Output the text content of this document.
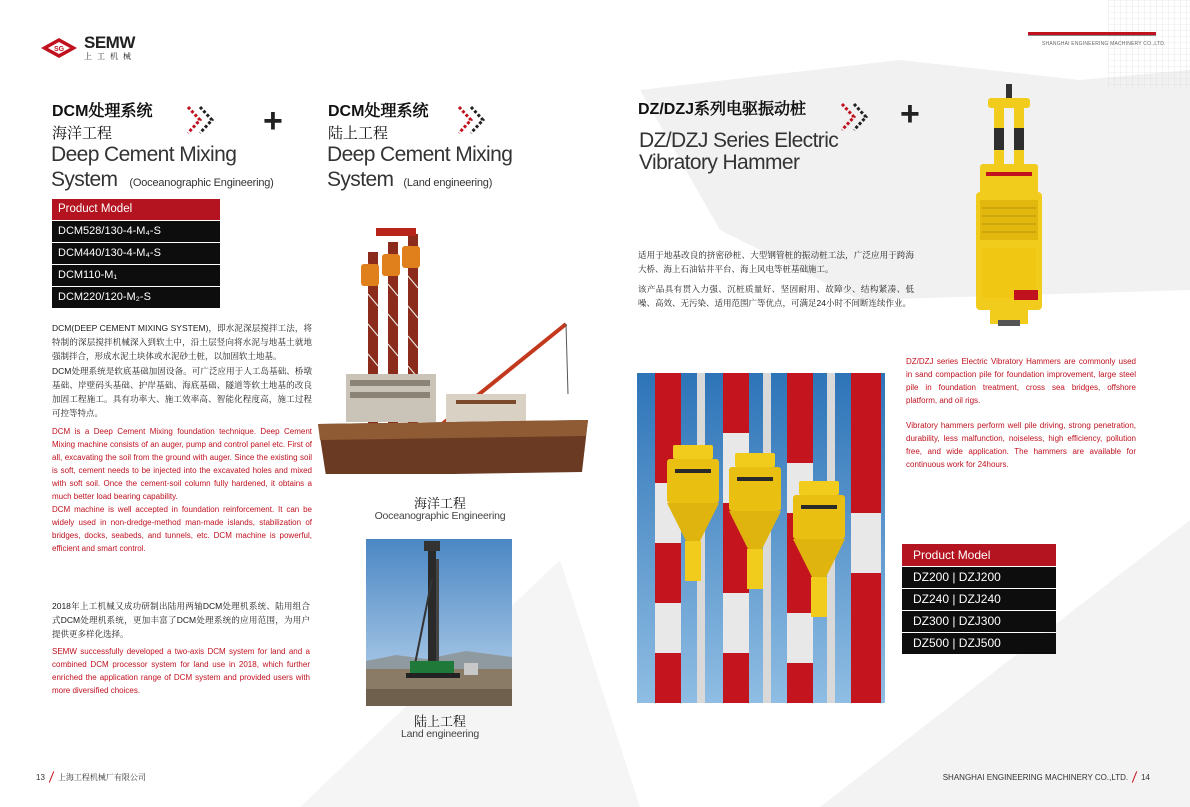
SG SEMW
上工机械
SHANGHAI ENGINEERING MACHINERY CO.,LTD.
DCM处理系统
海洋工程
Deep Cement Mixing
System (Ooceanographic Engineering)
+
Product Model
DCM528/130-4-M₄-S
DCM440/130-4-M₄-S
DCM110-M₁
DCM220/120-M₂-S
DCM(DEEP CEMENT MIXING SYSTEM)，即水泥深层搅拌工法，将特制的深层搅拌机械深入到软土中，沿土层竖向将水泥与地基土就地强制拌合，形成水泥土块体或水泥砂土桩，以加固软土地基。
DCM处理系统是软底基础加固设备。可广泛应用于人工岛基础、桥墩基础、岸壁码头基础、护岸基础、海底基础、隧道等软土地基的改良加固工程施工。具有功率大、施工效率高、智能化程度高，施工过程可控等特点。
DCM is a Deep Cement Mixing foundation technique. Deep Cement Mixing machine consists of an auger, pump and control panel etc. First of all, excavating the soil from the ground with auger. Since the existing soil is soft, cement needs to be injected into the excavated holes and mixed with soft soil. Once the cement-soil column fully hardened, it obtains a much better load bearing capability.
DCM machine is well accepted in foundation reinforcement. It can be widely used in non-dredge-method man-made islands, stabilization of bridges, docks, seabeds, and tunnels, etc. DCM machine is powerful, efficient and smart control.
2018年上工机械又成功研制出陆用两轴DCM处理机系统、陆用组合式DCM处理机系统，更加丰富了DCM处理系统的应用范围，为用户提供更多样化选择。
SEMW successfully developed a two-axis DCM system for land and a combined DCM processor system for land use in 2018, which further enriched the application range of DCM system and provided users with more diversified choices.
DCM处理系统
陆上工程
Deep Cement Mixing
System (Land engineering)
海洋工程
Ooceanographic Engineering
陆上工程
Land engineering
DZ/DZJ系列电驱振动桩
DZ/DZJ Series Electric
Vibratory Hammer
+
适用于地基改良的挤密砂桩、大型钢管桩的振动桩工法，广泛应用于跨海大桥、海上石油钻井平台、海上风电等桩基础施工。
该产品具有贯入力强、沉桩质量好、坚固耐用、故障少、结构紧凑、低噪、高效、无污染、适用范围广等优点，可满足24小时不间断连续作业。
DZ/DZJ series Electric Vibratory Hammers are commonly used in sand compaction pile for foundation improvement, large steel pile in foundation treatment, cross sea bridges, offshore platform, and oil rigs.
Vibratory hammers perform well pile driving, strong penetration, durability, less malfunction, noiseless, high efficiency, pollution free, and wide application. The hammers are available for continuous work for 24hours.
Product Model
DZ200 | DZJ200
DZ240 | DZJ240
DZ300 | DZJ300
DZ500 | DZJ500
13 上海工程机械厂有限公司	SHANGHAI ENGINEERING MACHINERY CO.,LTD. 14
